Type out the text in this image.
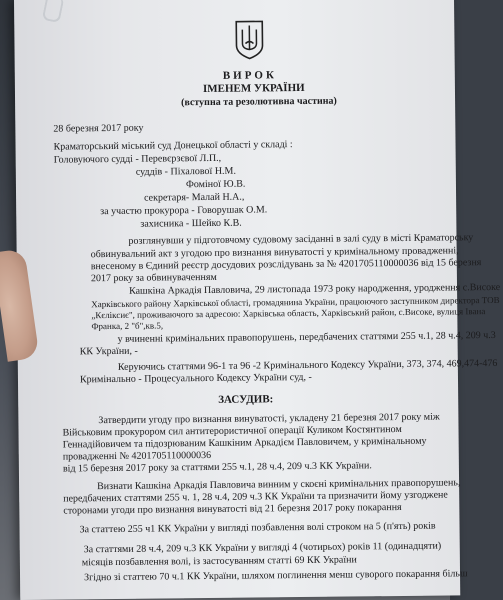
ВИРОК
ІМЕНЕМ УКРАЇНИ
(вступна та резолютивна частина)
28 березня 2017 року
Краматорський міський суд Донецької області у складі :
Головуючого судді - Перевєрзєвої Л.П.,
суддів - Піхалової Н.М.
Фоміної Ю.В.
секретаря- Малай Н.А.,
за участю прокурора - Говорушак О.М.
захисника - Шейко К.В.
розглянувши у підготовчому судовому засіданні в залі суду в місті Краматорську
обвинувальний акт з угодою про визнання винуватості у кримінальному провадженні,
внесеному в Єдиний реєстр досудових розслідувань за № 4201705110000036 від 15 березня
2017 року за обвинуваченням
Кашкіна Аркадія Павловича, 29 листопада 1973 року народження, уродження с.Високе
Харківського району Харківської області, громадянина України, працюючого заступником директора ТОВ
„Кєліксиє", проживаючого за адресою: Харківська область, Харківський район, с.Високе, вулиця Івана
Франка, 2 "б",кв.5,
у вчиненні кримінальних правопорушень, передбачених статтями 255 ч.1, 28 ч.4, 209 ч.3
КК України, -
Керуючись статтями 96-1 та 96 -2 Кримінального Кодексу України, 373, 374, 469,474-476
Кримінально - Процесуального Кодексу України суд, -
ЗАСУДИВ:
Затвердити угоду про визнання винуватості, укладену 21 березня 2017 року між
Військовим прокурором сил антитерористичної операції Куликом Костянтином
Геннадійовичем та підозрюваним Кашкіним Аркадієм Павловичем, у кримінальному
провадженні № 4201705110000036
від 15 березня 2017 року за статтями 255 ч.1, 28 ч.4, 209 ч.3 КК України.
Визнати Кашкіна Аркадія Павловича винним у скоєні кримінальних правопорушень,
передбачених статтями 255 ч. 1, 28 ч.4, 209 ч.3 КК України та призначити йому узгоджене
сторонами угоди про визнання винуватості від 21 березня 2017 року покарання
За статтею 255 ч1 КК України у вигляді позбавлення волі строком на 5 (п'ять) років
За статтями 28 ч.4, 209 ч.3 КК України у вигляді 4 (чотирьох) років 11 (одинадцяти)
місяців позбавлення волі, із застосуванням статті 69 КК України
Згідно зі статтею 70 ч.1 КК України, шляхом поглинення менш суворого покарання більш
